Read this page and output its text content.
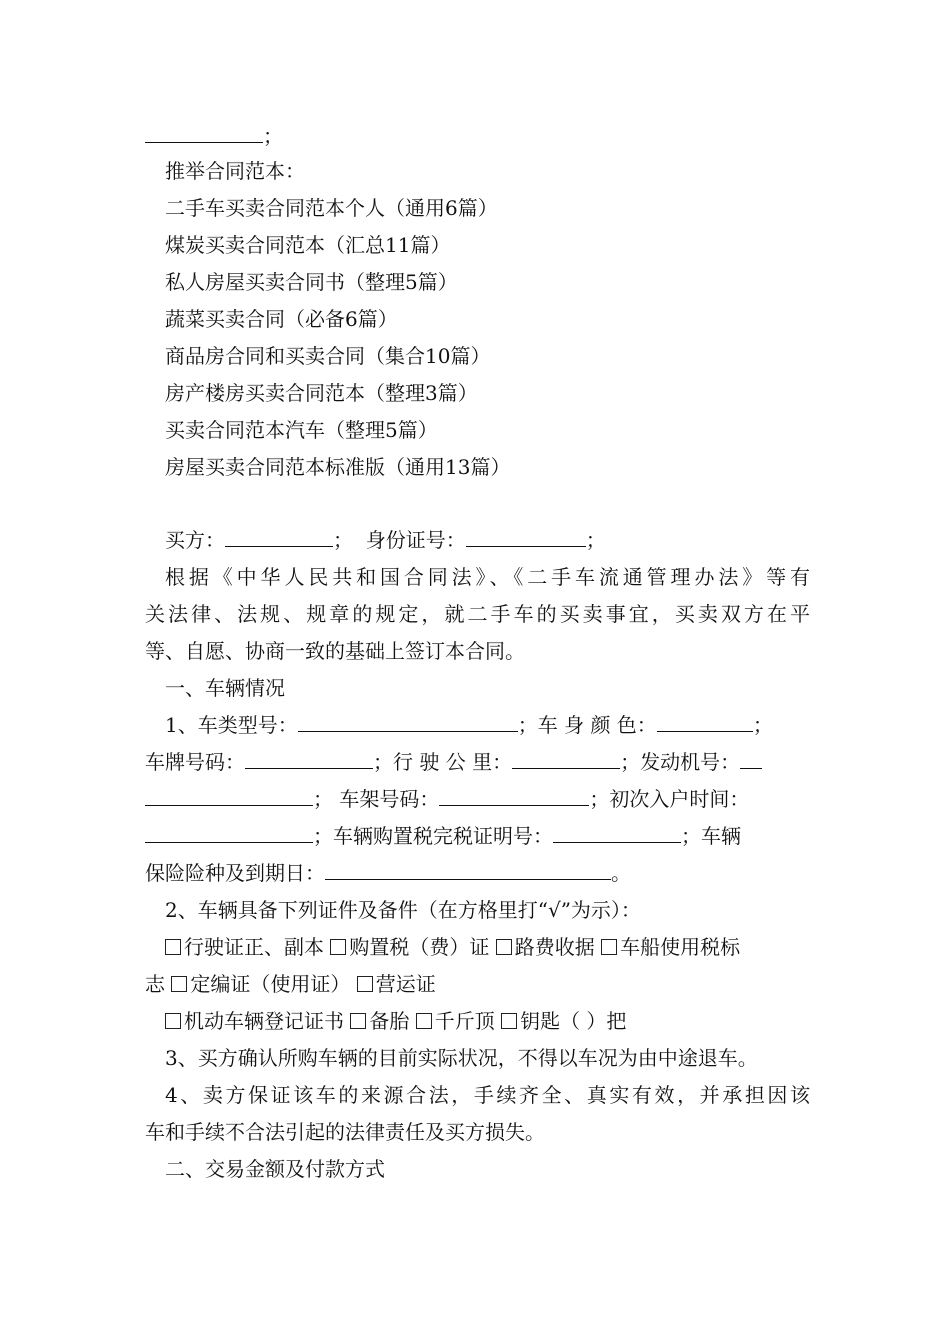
；
推举合同范本：
二手车买卖合同范本个人（通用6篇）
煤炭买卖合同范本（汇总11篇）
私人房屋买卖合同书（整理5篇）
蔬菜买卖合同（必备6篇）
商品房合同和买卖合同（集合10篇）
房产楼房买卖合同范本（整理3篇）
买卖合同范本汽车（整理5篇）
房屋买卖合同范本标准版（通用13篇）
买方：	； 身份证号：	；
根据《中华人民共和国合同法》、《二手车流通管理办法》等有
关法律、法规、规章的规定，就二手车的买卖事宜，买卖双方在平
等、自愿、协商一致的基础上签订本合同。
一、车辆情况
1、车类型号：	；车 身 颜 色：	；
车牌号码：	；行 驶 公 里：	；发动机号：
； 车架号码：	；初次入户时间：
；车辆购置税完税证明号：	；车辆
保险险种及到期日：	。
2、车辆具备下列证件及备件（在方格里打“√”为示）：
行驶证正、副本 购置税（费）证 路费收据 车船使用税标
志 定编证（使用证） 营运证
机动车辆登记证书 备胎 千斤顶 钥匙（ ）把
3、买方确认所购车辆的目前实际状况，不得以车况为由中途退车。
4、卖方保证该车的来源合法，手续齐全、真实有效，并承担因该
车和手续不合法引起的法律责任及买方损失。
二、交易金额及付款方式
